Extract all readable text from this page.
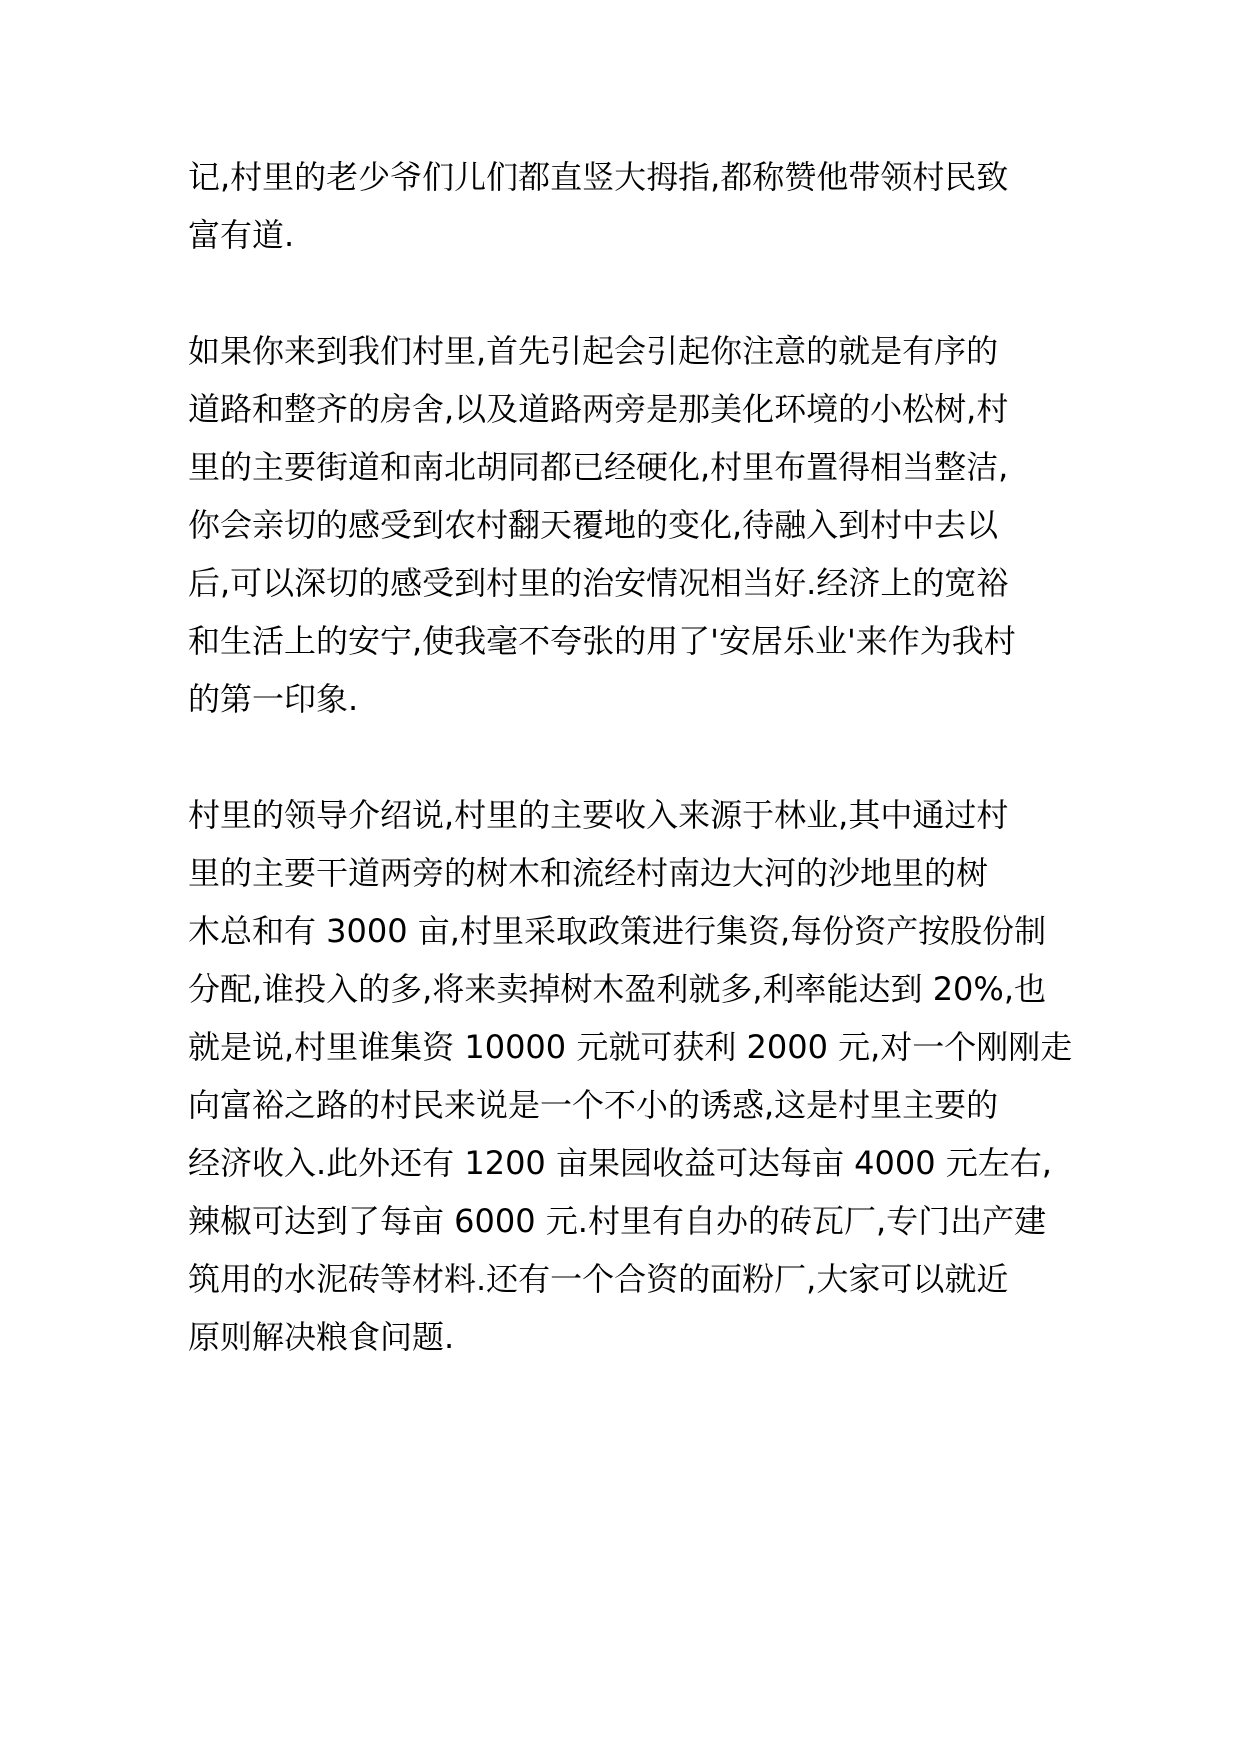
记,村里的老少爷们儿们都直竖大拇指,都称赞他带领村民致
富有道.
如果你来到我们村里,首先引起会引起你注意的就是有序的
道路和整齐的房舍,以及道路两旁是那美化环境的小松树,村
里的主要街道和南北胡同都已经硬化,村里布置得相当整洁,
你会亲切的感受到农村翻天覆地的变化,待融入到村中去以
后,可以深切的感受到村里的治安情况相当好.经济上的宽裕
和生活上的安宁,使我毫不夸张的用了'安居乐业'来作为我村
的第一印象.
村里的领导介绍说,村里的主要收入来源于林业,其中通过村
里的主要干道两旁的树木和流经村南边大河的沙地里的树
木总和有 3000 亩,村里采取政策进行集资,每份资产按股份制
分配,谁投入的多,将来卖掉树木盈利就多,利率能达到 20%,也
就是说,村里谁集资 10000 元就可获利 2000 元,对一个刚刚走
向富裕之路的村民来说是一个不小的诱惑,这是村里主要的
经济收入.此外还有 1200 亩果园收益可达每亩 4000 元左右,
辣椒可达到了每亩 6000 元.村里有自办的砖瓦厂,专门出产建
筑用的水泥砖等材料.还有一个合资的面粉厂,大家可以就近
原则解决粮食问题.
